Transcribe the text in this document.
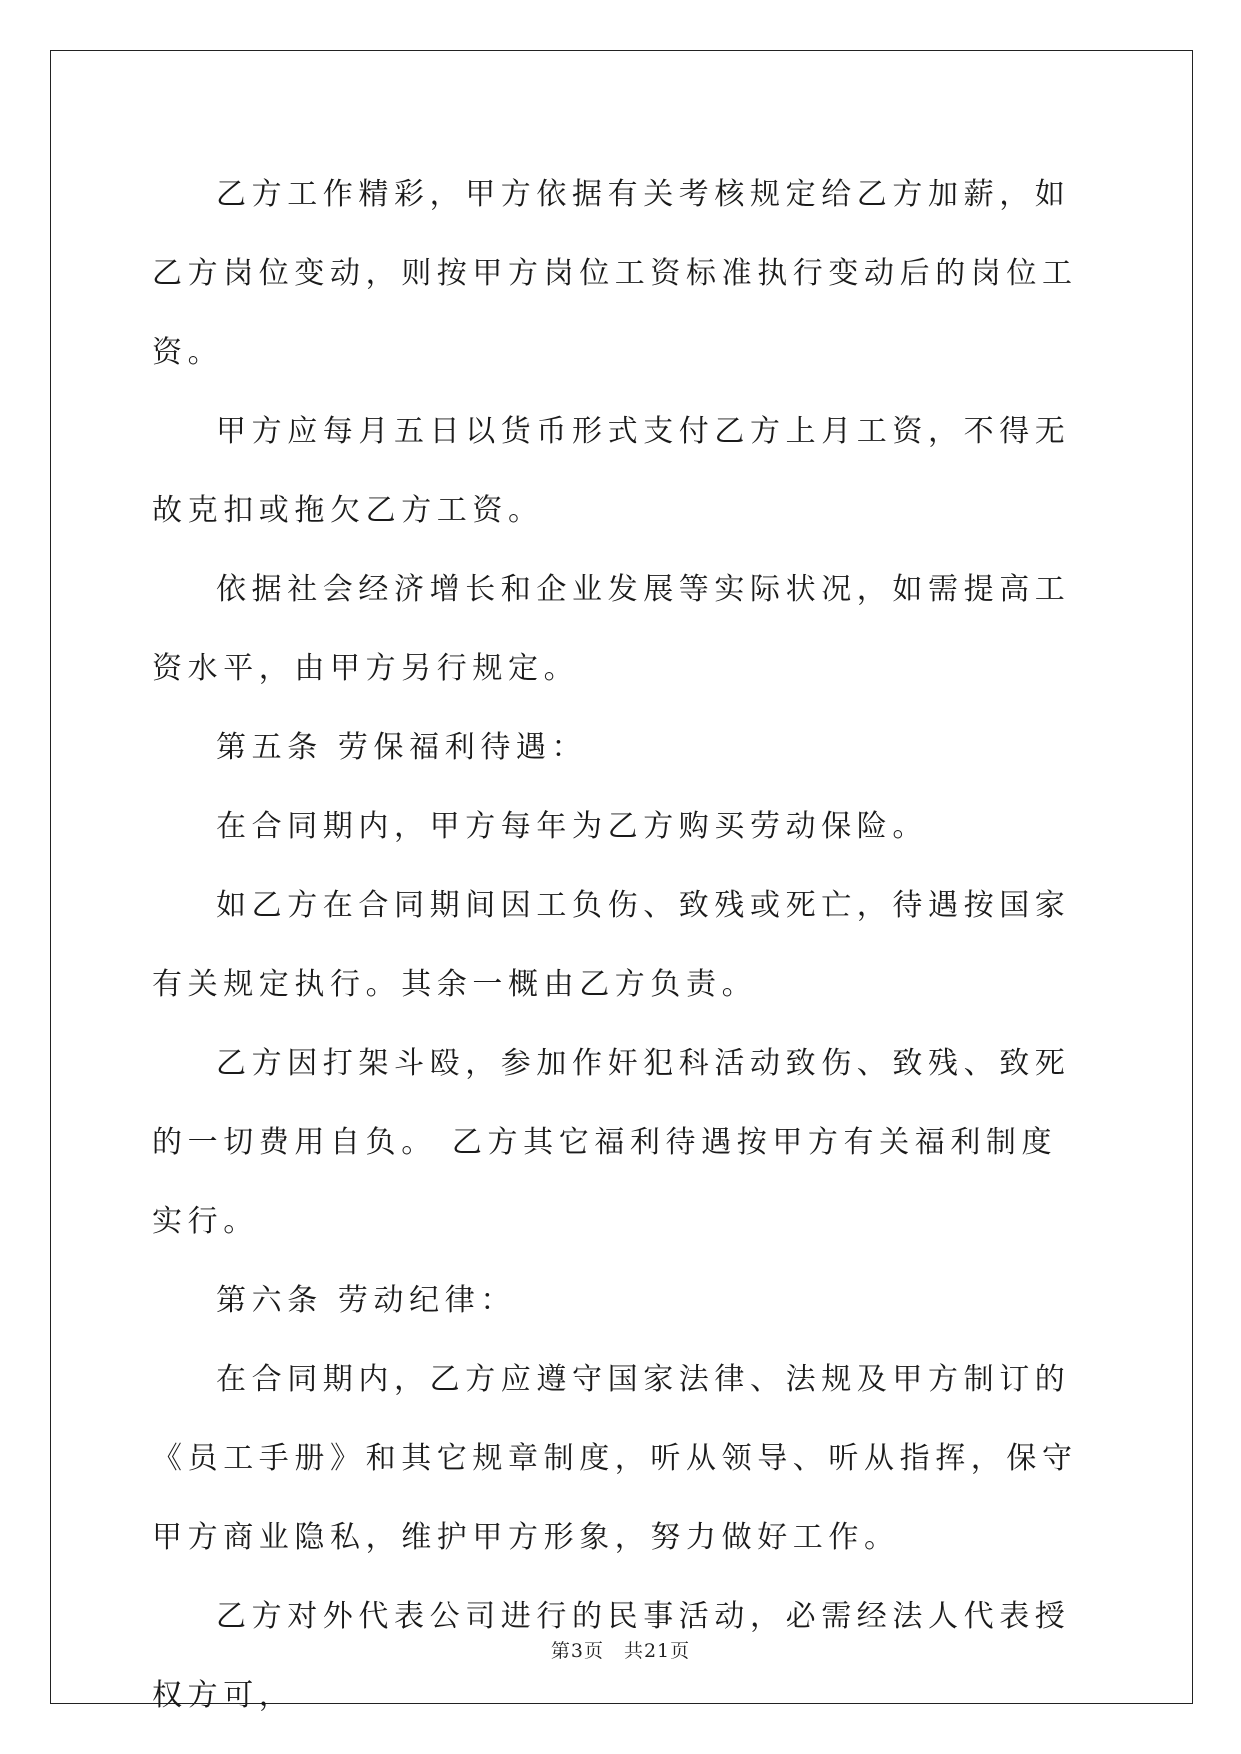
乙方工作精彩，甲方依据有关考核规定给乙方加薪，如乙方岗位变动，则按甲方岗位工资标准执行变动后的岗位工资。

甲方应每月五日以货币形式支付乙方上月工资，不得无故克扣或拖欠乙方工资。

依据社会经济增长和企业发展等实际状况，如需提高工资水平，由甲方另行规定。

第五条 劳保福利待遇：

在合同期内，甲方每年为乙方购买劳动保险。

如乙方在合同期间因工负伤、致残或死亡，待遇按国家有关规定执行。其余一概由乙方负责。

乙方因打架斗殴，参加作奸犯科活动致伤、致残、致死的一切费用自负。 乙方其它福利待遇按甲方有关福利制度实行。

第六条 劳动纪律：

在合同期内，乙方应遵守国家法律、法规及甲方制订的《员工手册》和其它规章制度，听从领导、听从指挥，保守甲方商业隐私，维护甲方形象，努力做好工作。

乙方对外代表公司进行的民事活动，必需经法人代表授权方可，

第3页　共21页
